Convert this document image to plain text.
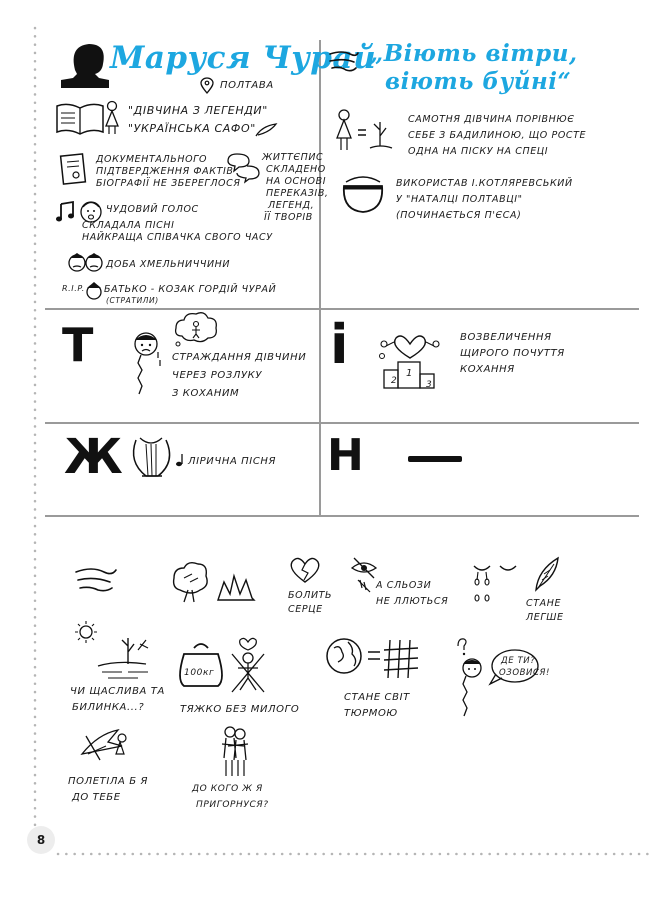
Маруся Чурай
ПОЛТАВА
„Віють вітри,
віють буйні“
"ДІВЧИНА З ЛЕГЕНДИ"
"УКРАЇНСЬКА САФО"
ДОКУМЕНТАЛЬНОГО
ПІДТВЕРДЖЕННЯ ФАКТІВ
БІОГРАФІЇ НЕ ЗБЕРЕГЛОСЯ
ЖИТТЄПИС
СКЛАДЕНО
НА ОСНОВІ
ПЕРЕКАЗІВ,
ЛЕГЕНД,
ЇЇ ТВОРІВ
ЧУДОВИЙ ГОЛОС
СКЛАДАЛА ПІСНІ
НАЙКРАЩА СПІВАЧКА СВОГО ЧАСУ
ДОБА ХМЕЛЬНИЧЧИНИ
R.I.P. БАТЬКО - КОЗАК ГОРДІЙ ЧУРАЙ
(СТРАТИЛИ)
САМОТНЯ ДІВЧИНА ПОРІВНЮЄ
СЕБЕ З БАДИЛИНОЮ, ЩО РОСТЕ
ОДНА НА ПІСКУ НА СПЕЦІ
ВИКОРИСТАВ І.КОТЛЯРЕВСЬКИЙ
У "НАТАЛЦІ ПОЛТАВЦІ"
(ПОЧИНАЄТЬСЯ П'ЄСА)
Т	СТРАЖДАННЯ ДІВЧИНИ
ЧЕРЕЗ РОЗЛУКУ
З КОХАНИМ
і	1
2	3
ВОЗВЕЛИЧЕННЯ
ЩИРОГО ПОЧУТТЯ
КОХАННЯ
Ж	ЛІРИЧНА ПІСНЯ Н
БОЛИТЬ
СЕРЦЕ
А СЛЬОЗИ
НЕ ЛЛЮТЬСЯ	СТАНЕ
ЛЕГШЕ
ЧИ ЩАСЛИВА ТА
БИЛИНКА...?
100кг
ТЯЖКО БЕЗ МИЛОГО
СТАНЕ СВІТ
ТЮРМОЮ
ДЕ ТИ?
ОЗОВИСЯ!
ПОЛЕТІЛА Б Я
ДО ТЕБЕ
ДО КОГО Ж Я
ПРИГОРНУСЯ?
8
